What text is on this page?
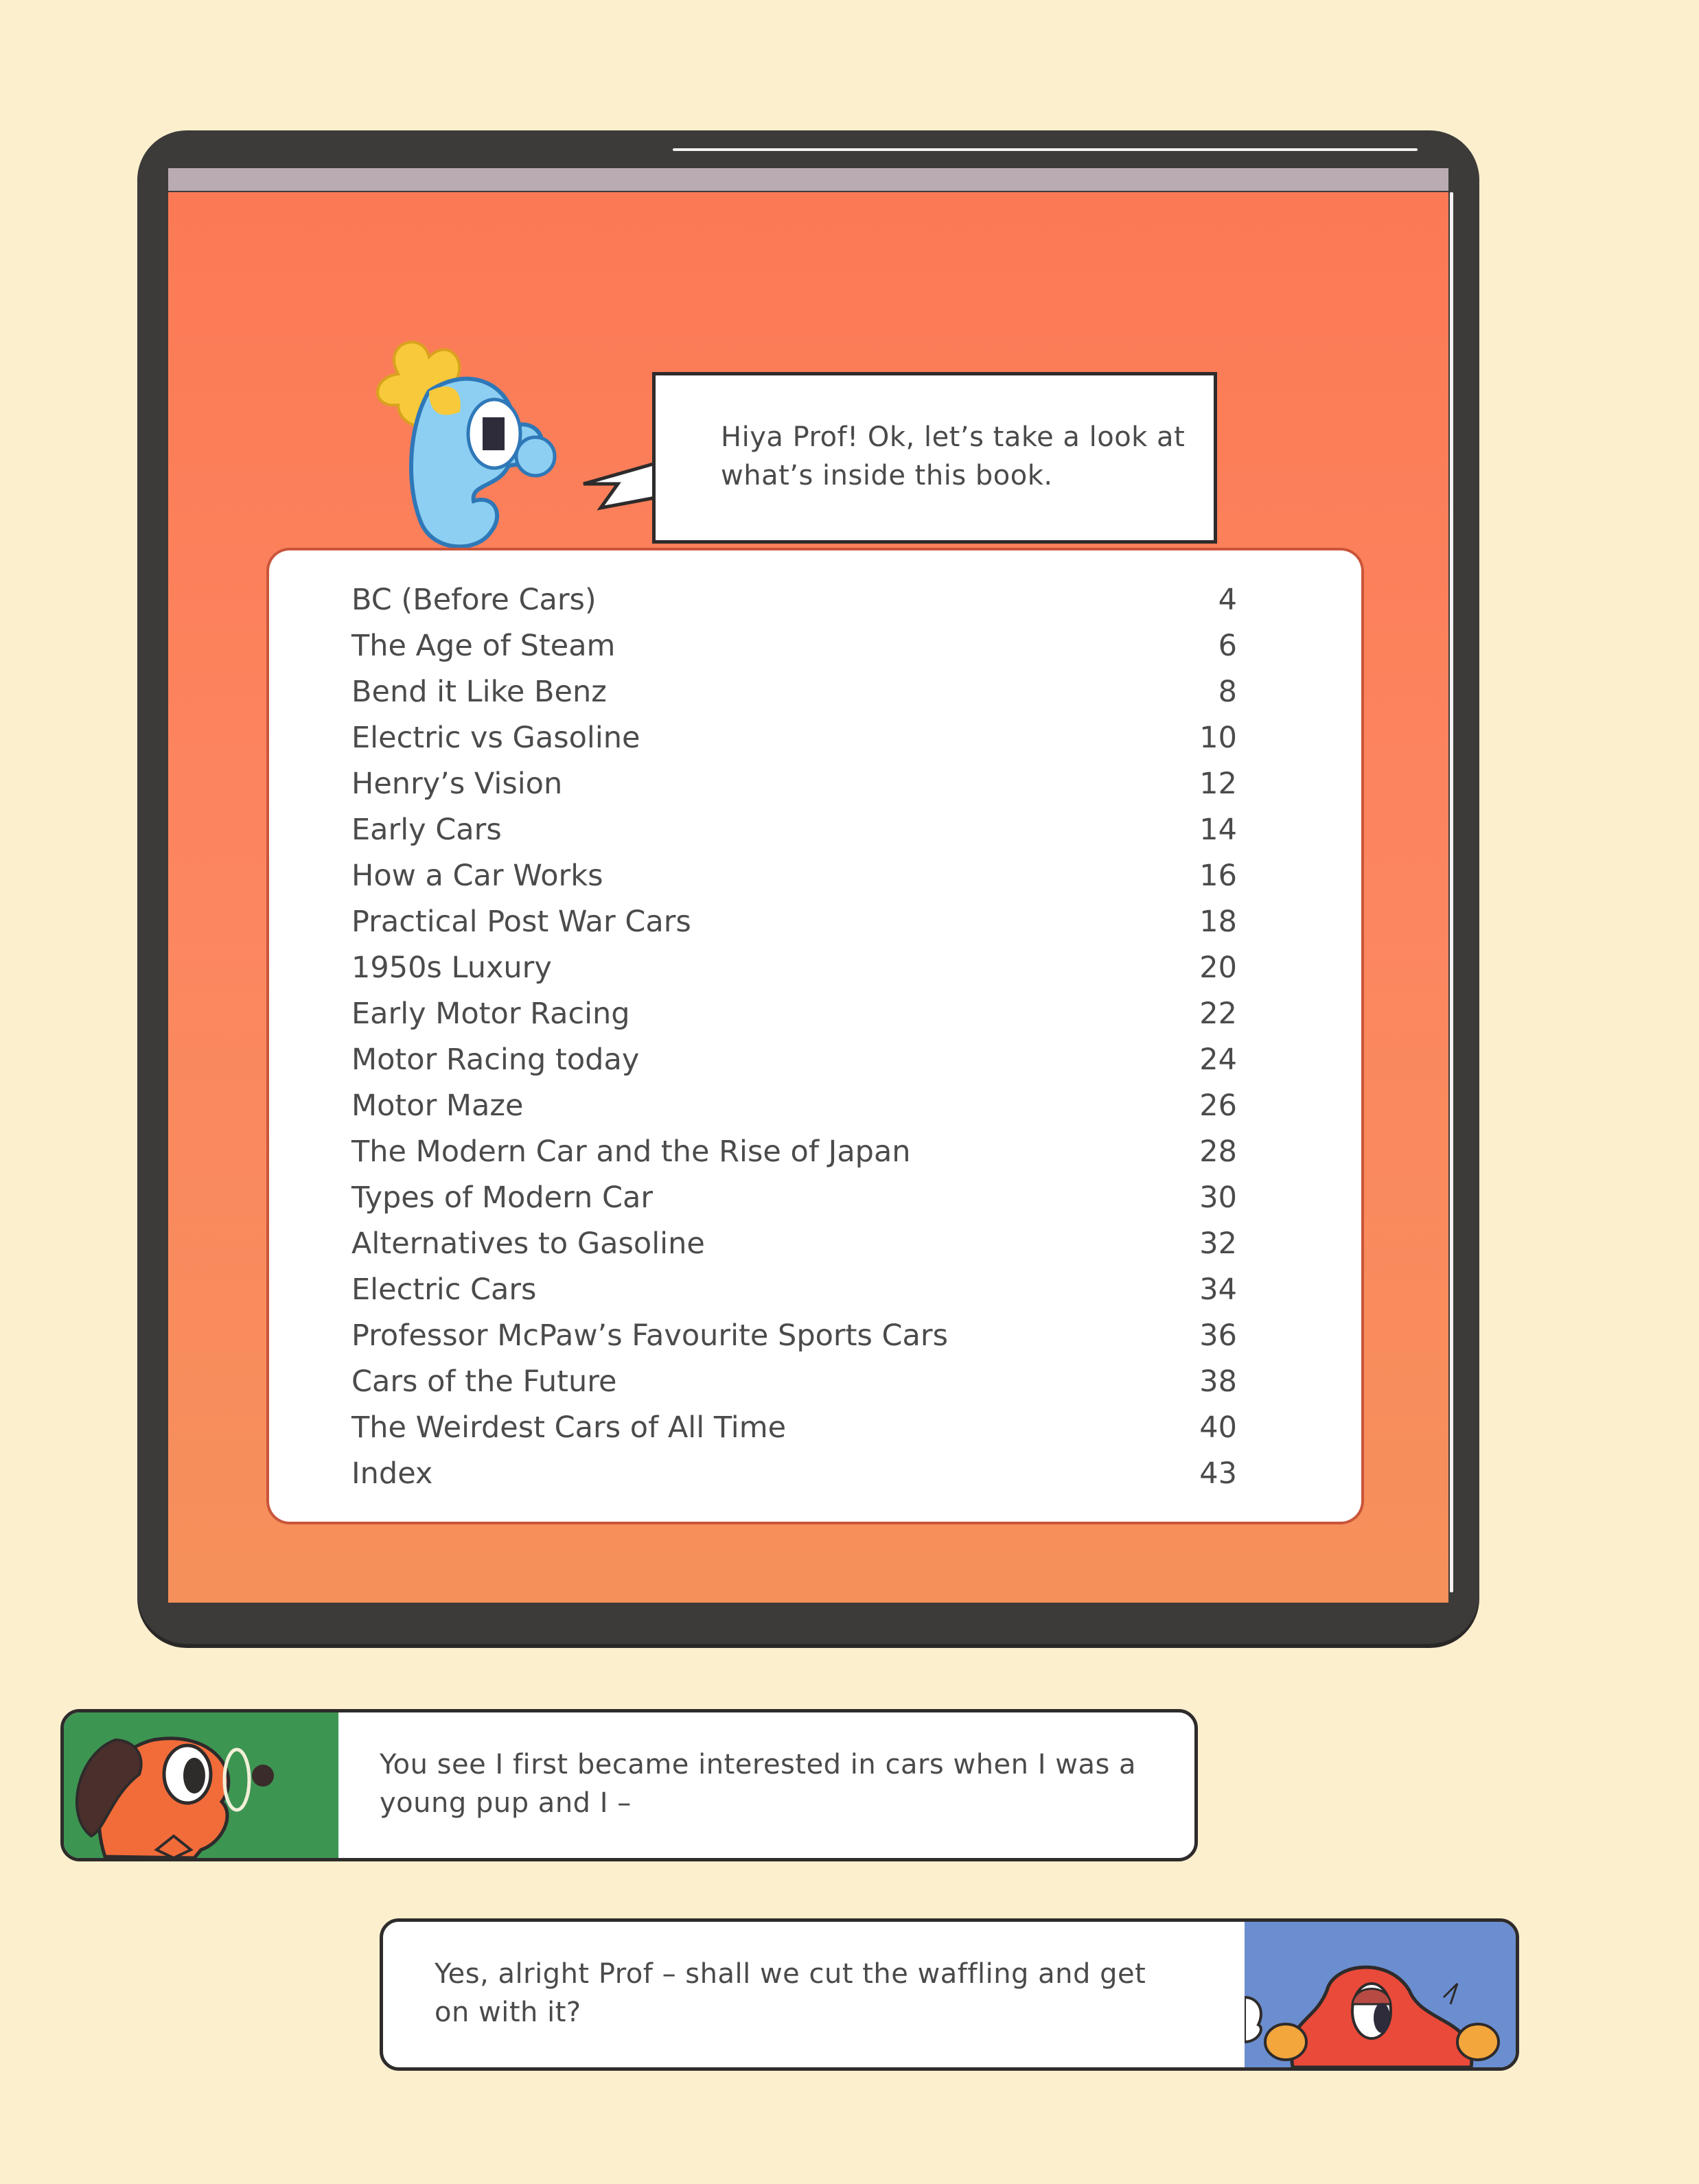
Hiya Prof! Ok, let’s take a look at what’s inside this book.
BC (Before Cars)	4
The Age of Steam	6
Bend it Like Benz	8
Electric vs Gasoline	10
Henry’s Vision	12
Early Cars	14
How a Car Works	16
Practical Post War Cars	18
1950s Luxury	20
Early Motor Racing	22
Motor Racing today	24
Motor Maze	26
The Modern Car and the Rise of Japan	28
Types of Modern Car	30
Alternatives to Gasoline	32
Electric Cars	34
Professor McPaw’s Favourite Sports Cars	36
Cars of the Future	38
The Weirdest Cars of All Time	40
Index	43
You see I first became interested in cars when I was a young pup and I –
Yes, alright Prof – shall we cut the waffling and get on with it?
